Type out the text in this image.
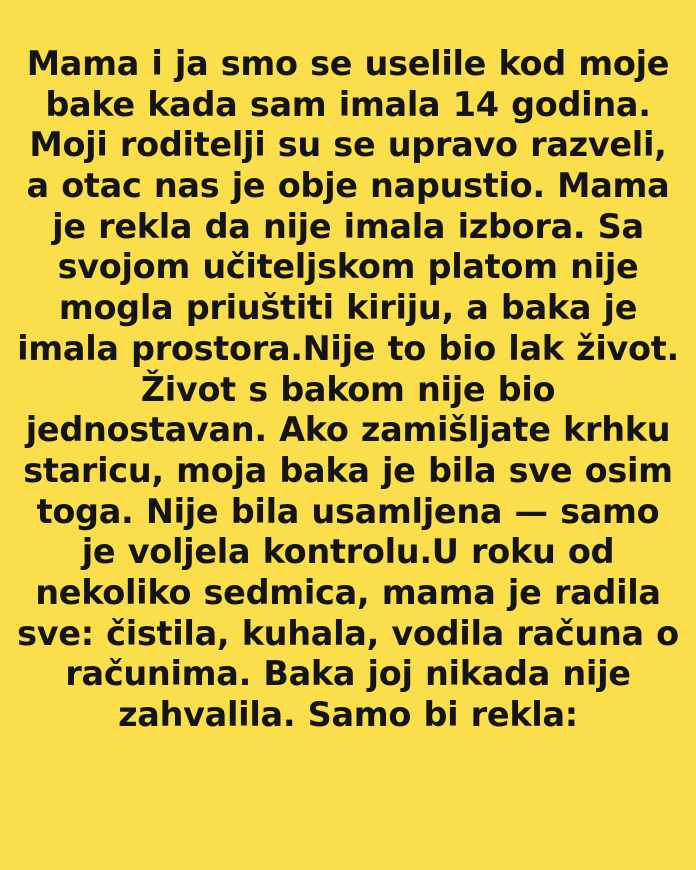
Mama i ja smo se uselile kod moje bake kada sam imala 14 godina. Moji roditelji su se upravo razveli, a otac nas je obje napustio. Mama je rekla da nije imala izbora. Sa svojom učiteljskom platom nije mogla priuštiti kiriju, a baka je imala prostora.Nije to bio lak život.

Život s bakom nije bio jednostavan. Ako zamišljate krhku staricu, moja baka je bila sve osim toga. Nije bila usamljena — samo je voljela kontrolu.U roku od nekoliko sedmica, mama je radila sve: čistila, kuhala, vodila računa o računima. Baka joj nikada nije zahvalila. Samo bi rekla:
